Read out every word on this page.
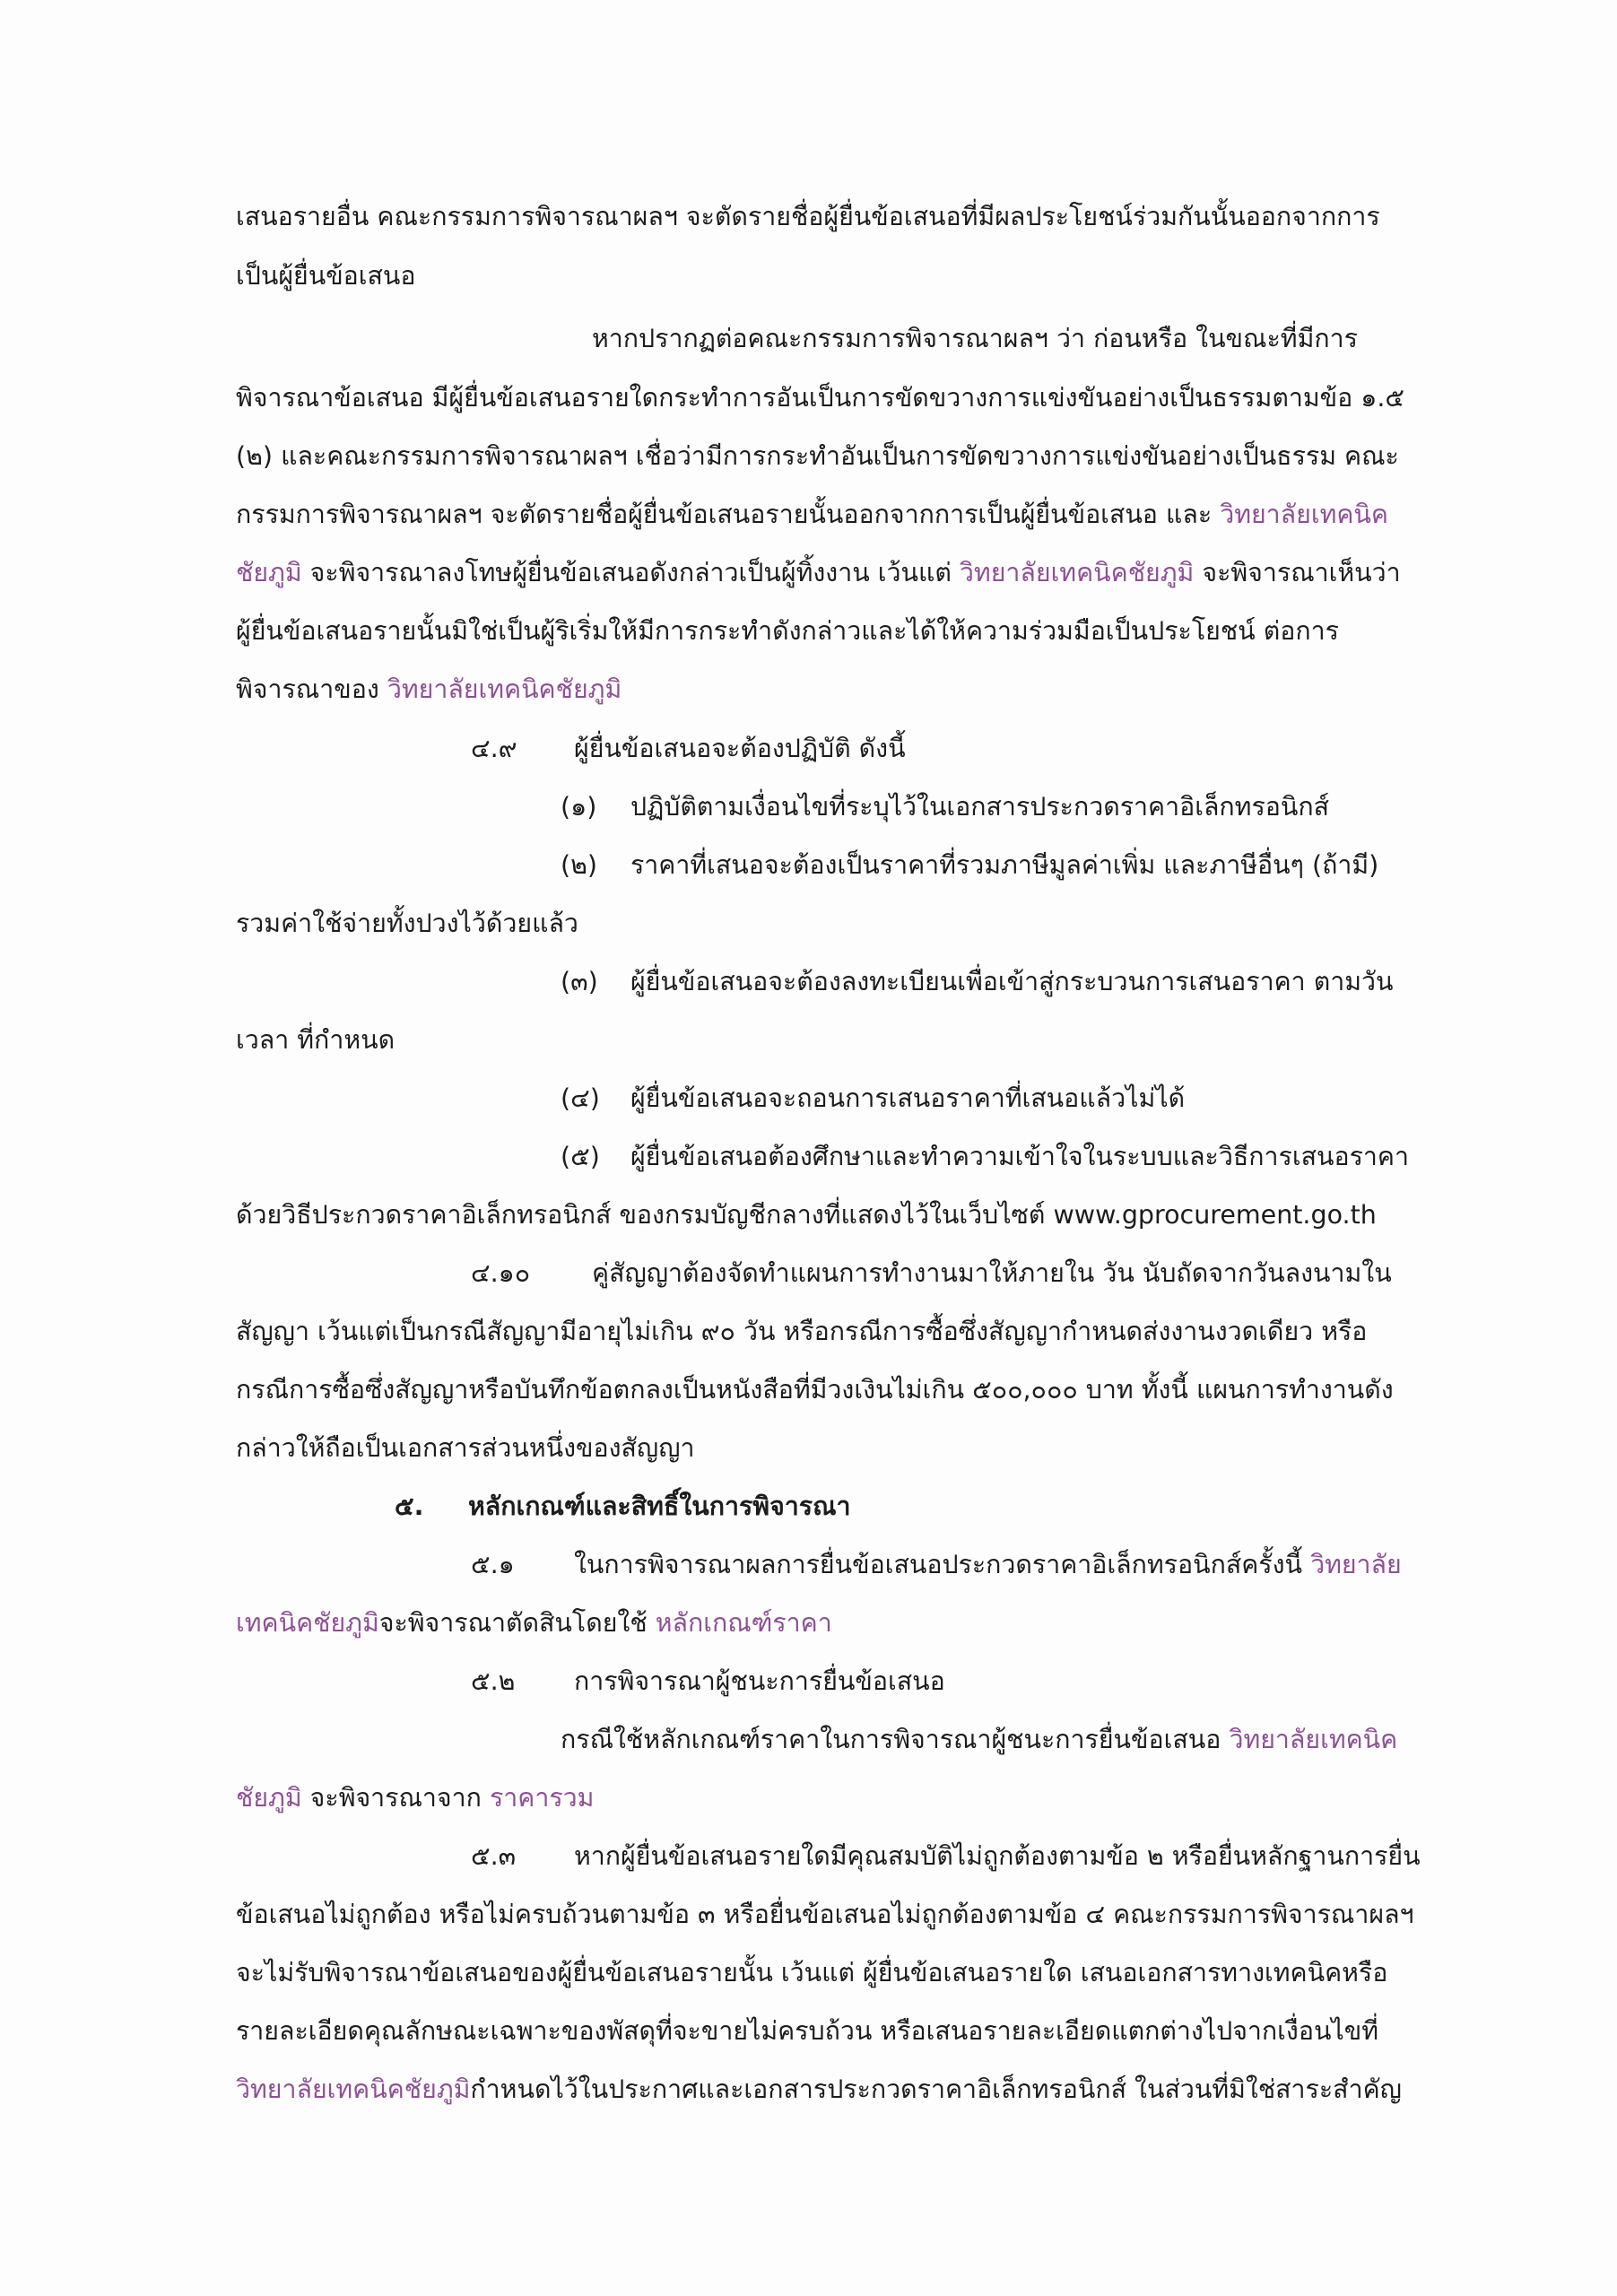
เสนอรายอื่น คณะกรรมการพิจารณาผลฯ จะตัดรายชื่อผู้ยื่นข้อเสนอที่มีผลประโยชน์ร่วมกันนั้นออกจากการ
เป็นผู้ยื่นข้อเสนอ
หากปรากฏต่อคณะกรรมการพิจารณาผลฯ ว่า ก่อนหรือ ในขณะที่มีการ
พิจารณาข้อเสนอ มีผู้ยื่นข้อเสนอรายใดกระทำการอันเป็นการขัดขวางการแข่งขันอย่างเป็นธรรมตามข้อ ๑.๕
(๒) และคณะกรรมการพิจารณาผลฯ เชื่อว่ามีการกระทำอันเป็นการขัดขวางการแข่งขันอย่างเป็นธรรม คณะ
กรรมการพิจารณาผลฯ จะตัดรายชื่อผู้ยื่นข้อเสนอรายนั้นออกจากการเป็นผู้ยื่นข้อเสนอ และ วิทยาลัยเทคนิค
ชัยภูมิ จะพิจารณาลงโทษผู้ยื่นข้อเสนอดังกล่าวเป็นผู้ทิ้งงาน เว้นแต่ วิทยาลัยเทคนิคชัยภูมิ จะพิจารณาเห็นว่า
ผู้ยื่นข้อเสนอรายนั้นมิใช่เป็นผู้ริเริ่มให้มีการกระทำดังกล่าวและได้ให้ความร่วมมือเป็นประโยชน์ ต่อการ
พิจารณาของ วิทยาลัยเทคนิคชัยภูมิ
๔.๙ ผู้ยื่นข้อเสนอจะต้องปฏิบัติ ดังนี้
(๑) ปฏิบัติตามเงื่อนไขที่ระบุไว้ในเอกสารประกวดราคาอิเล็กทรอนิกส์
(๒) ราคาที่เสนอจะต้องเป็นราคาที่รวมภาษีมูลค่าเพิ่ม และภาษีอื่นๆ (ถ้ามี)
รวมค่าใช้จ่ายทั้งปวงไว้ด้วยแล้ว
(๓) ผู้ยื่นข้อเสนอจะต้องลงทะเบียนเพื่อเข้าสู่กระบวนการเสนอราคา ตามวัน
เวลา ที่กำหนด
(๔) ผู้ยื่นข้อเสนอจะถอนการเสนอราคาที่เสนอแล้วไม่ได้
(๕) ผู้ยื่นข้อเสนอต้องศึกษาและทำความเข้าใจในระบบและวิธีการเสนอราคา
ด้วยวิธีประกวดราคาอิเล็กทรอนิกส์ ของกรมบัญชีกลางที่แสดงไว้ในเว็บไซต์ www.gprocurement.go.th
๔.๑๐ คู่สัญญาต้องจัดทำแผนการทำงานมาให้ภายใน วัน นับถัดจากวันลงนามใน
สัญญา เว้นแต่เป็นกรณีสัญญามีอายุไม่เกิน ๙๐ วัน หรือกรณีการซื้อซึ่งสัญญากำหนดส่งงานงวดเดียว หรือ
กรณีการซื้อซึ่งสัญญาหรือบันทึกข้อตกลงเป็นหนังสือที่มีวงเงินไม่เกิน ๕๐๐,๐๐๐ บาท ทั้งนี้ แผนการทำงานดัง
กล่าวให้ถือเป็นเอกสารส่วนหนึ่งของสัญญา
๕. หลักเกณฑ์และสิทธิ์ในการพิจารณา
๕.๑ ในการพิจารณาผลการยื่นข้อเสนอประกวดราคาอิเล็กทรอนิกส์ครั้งนี้ วิทยาลัย
เทคนิคชัยภูมิจะพิจารณาตัดสินโดยใช้ หลักเกณฑ์ราคา
๕.๒ การพิจารณาผู้ชนะการยื่นข้อเสนอ
กรณีใช้หลักเกณฑ์ราคาในการพิจารณาผู้ชนะการยื่นข้อเสนอ วิทยาลัยเทคนิค
ชัยภูมิ จะพิจารณาจาก ราคารวม
๕.๓ หากผู้ยื่นข้อเสนอรายใดมีคุณสมบัติไม่ถูกต้องตามข้อ ๒ หรือยื่นหลักฐานการยื่น
ข้อเสนอไม่ถูกต้อง หรือไม่ครบถ้วนตามข้อ ๓ หรือยื่นข้อเสนอไม่ถูกต้องตามข้อ ๔ คณะกรรมการพิจารณาผลฯ
จะไม่รับพิจารณาข้อเสนอของผู้ยื่นข้อเสนอรายนั้น เว้นแต่ ผู้ยื่นข้อเสนอรายใด เสนอเอกสารทางเทคนิคหรือ
รายละเอียดคุณลักษณะเฉพาะของพัสดุที่จะขายไม่ครบถ้วน หรือเสนอรายละเอียดแตกต่างไปจากเงื่อนไขที่
วิทยาลัยเทคนิคชัยภูมิกำหนดไว้ในประกาศและเอกสารประกวดราคาอิเล็กทรอนิกส์ ในส่วนที่มิใช่สาระสำคัญ
